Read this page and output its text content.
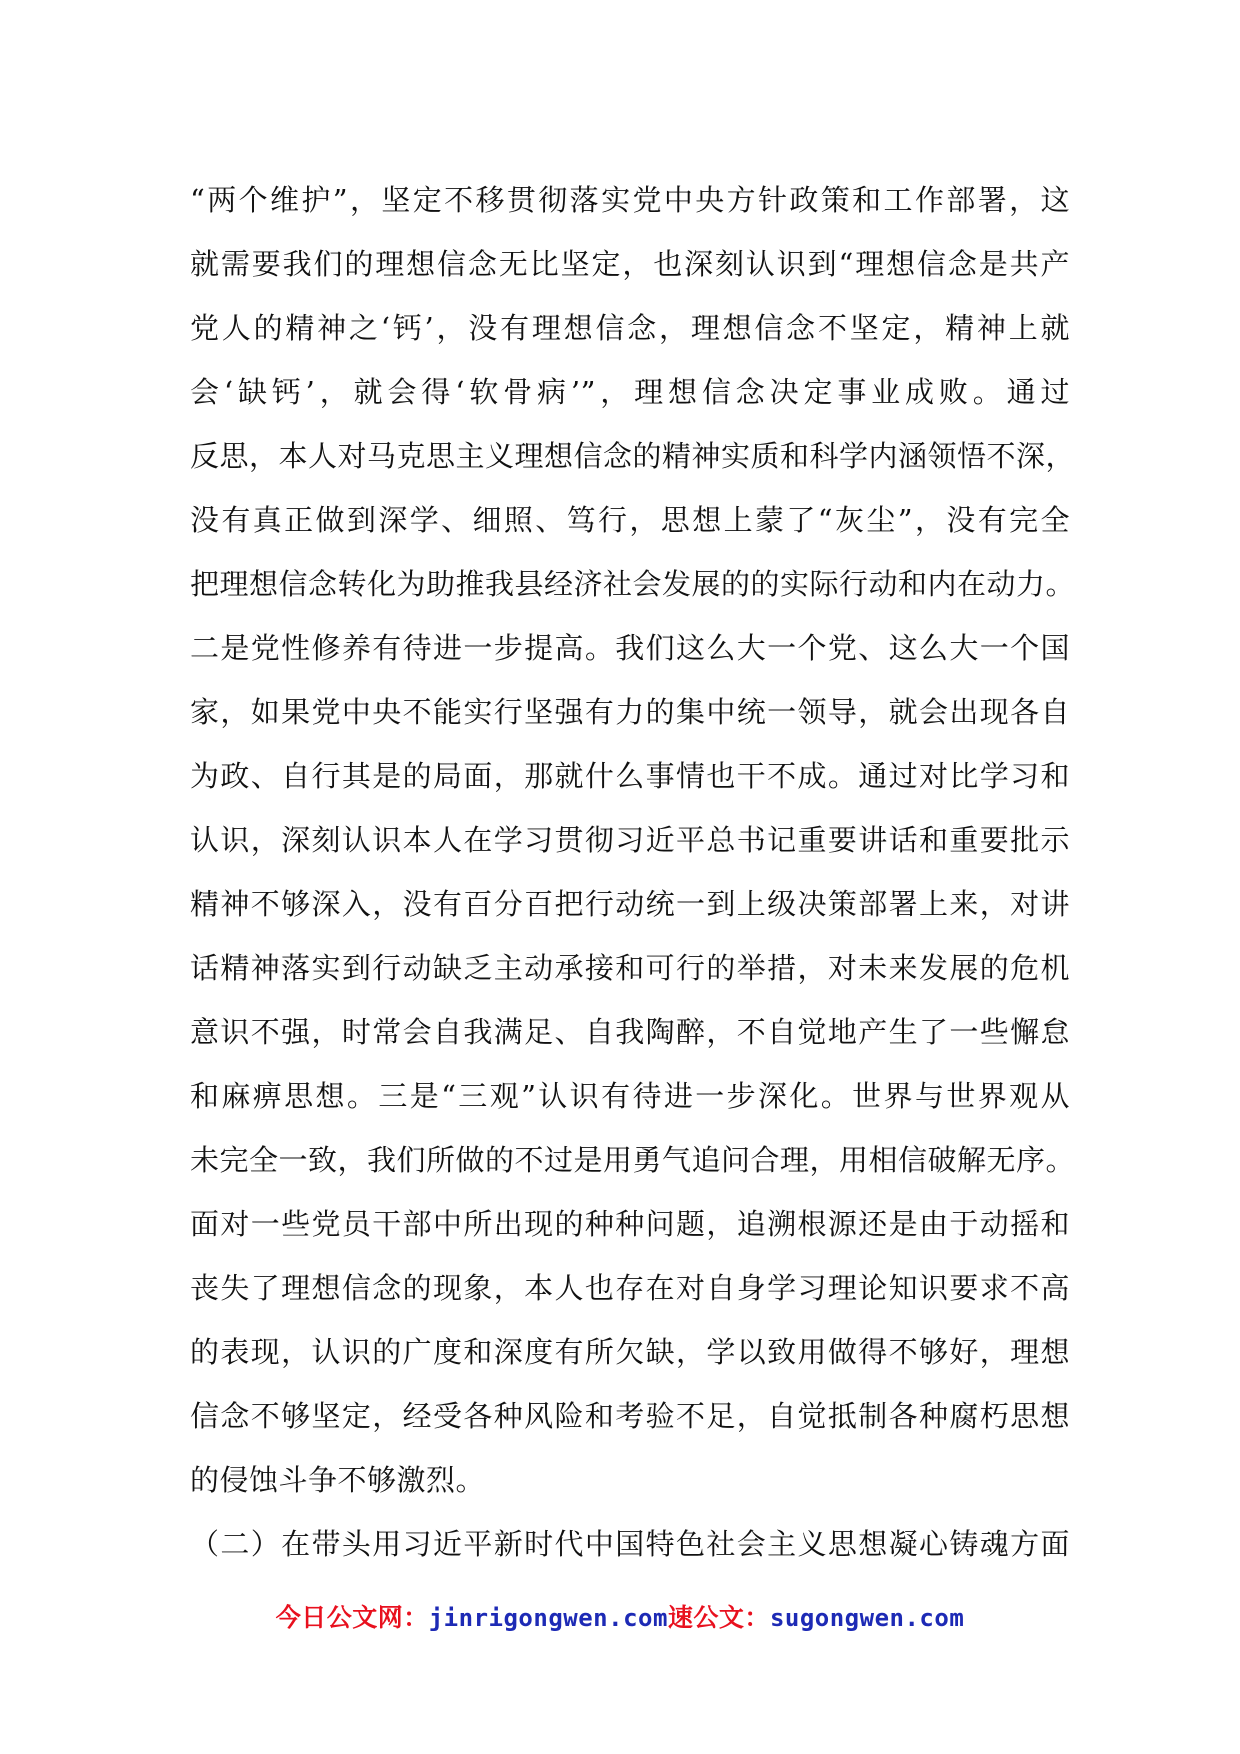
“两个维护”，坚定不移贯彻落实党中央方针政策和工作部署，这
就需要我们的理想信念无比坚定，也深刻认识到“理想信念是共产
党人的精神之‘钙’，没有理想信念，理想信念不坚定，精神上就
会‘缺钙’，就会得‘软骨病’”，理想信念决定事业成败。通过
反思，本人对马克思主义理想信念的精神实质和科学内涵领悟不深，
没有真正做到深学、细照、笃行，思想上蒙了“灰尘”，没有完全
把理想信念转化为助推我县经济社会发展的的实际行动和内在动力。
二是党性修养有待进一步提高。我们这么大一个党、这么大一个国
家，如果党中央不能实行坚强有力的集中统一领导，就会出现各自
为政、自行其是的局面，那就什么事情也干不成。通过对比学习和
认识，深刻认识本人在学习贯彻习近平总书记重要讲话和重要批示
精神不够深入，没有百分百把行动统一到上级决策部署上来，对讲
话精神落实到行动缺乏主动承接和可行的举措，对未来发展的危机
意识不强，时常会自我满足、自我陶醉，不自觉地产生了一些懈怠
和麻痹思想。三是“三观”认识有待进一步深化。世界与世界观从
未完全一致，我们所做的不过是用勇气追问合理，用相信破解无序。
面对一些党员干部中所出现的种种问题，追溯根源还是由于动摇和
丧失了理想信念的现象，本人也存在对自身学习理论知识要求不高
的表现，认识的广度和深度有所欠缺，学以致用做得不够好，理想
信念不够坚定，经受各种风险和考验不足，自觉抵制各种腐朽思想
的侵蚀斗争不够激烈。
（二）在带头用习近平新时代中国特色社会主义思想凝心铸魂方面
今日公文网：jinrigongwen.com速公文：sugongwen.com
